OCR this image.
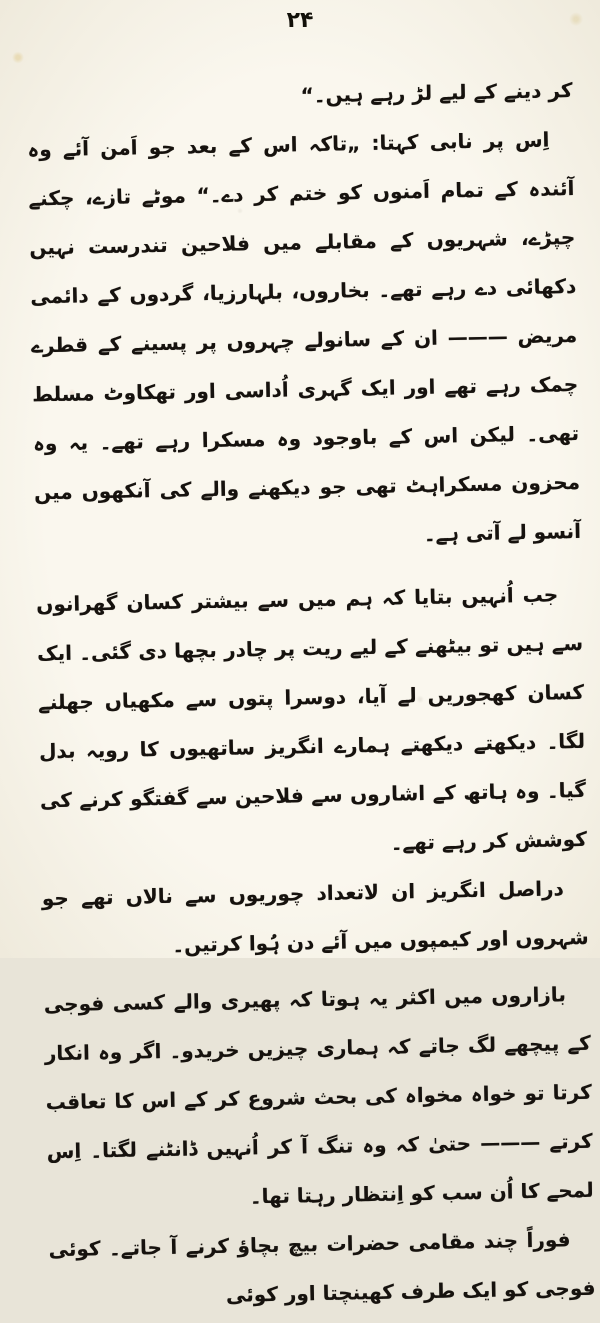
۲۴

کر دینے کے لیے لڑ رہے ہیں۔“

اِس پر نابی کہتا: „تاکہ اس کے بعد جو اَمن آئے وہ آئندہ کے تمام اَمنوں کو ختم کر دے۔“ موٹے تازے، چکنے چپڑے، شہریوں کے مقابلے میں فلاحین تندرست نہیں دکھائی دے رہے تھے۔ بخاروں، بلہارزیا، گردوں کے دائمی مریض ——— ان کے سانولے چہروں پر پسینے کے قطرے چمک رہے تھے اور ایک گہری اُداسی اور تھکاوٹ مسلط تھی۔ لیکن اس کے باوجود وہ مسکرا رہے تھے۔ یہ وہ محزون مسکراہٹ تھی جو دیکھنے والے کی آنکھوں میں آنسو لے آتی ہے۔

جب اُنہیں بتایا کہ ہم میں سے بیشتر کسان گھرانوں سے ہیں تو بیٹھنے کے لیے ریت پر چادر بچھا دی گئی۔ ایک کسان کھجوریں لے آیا، دوسرا پتوں سے مکھیاں جھلنے لگا۔ دیکھتے دیکھتے ہمارے انگریز ساتھیوں کا رویہ بدل گیا۔ وہ ہاتھ کے اشاروں سے فلاحین سے گفتگو کرنے کی کوشش کر رہے تھے۔

دراصل انگریز ان لاتعداد چوریوں سے نالاں تھے جو شہروں اور کیمپوں میں آئے دن ہُوا کرتیں۔

بازاروں میں اکثر یہ ہوتا کہ پھیری والے کسی فوجی کے پیچھے لگ جاتے کہ ہماری چیزیں خریدو۔ اگر وہ انکار کرتا تو خواہ مخواہ کی بحث شروع کر کے اس کا تعاقب کرتے ——— حتیٰ کہ وہ تنگ آ کر اُنہیں ڈانٹنے لگتا۔ اِس لمحے کا اُن سب کو اِنتظار رہتا تھا۔

فوراً چند مقامی حضرات بیچ بچاؤ کرنے آ جاتے۔ کوئی فوجی کو ایک طرف کھینچتا اور کوئی
